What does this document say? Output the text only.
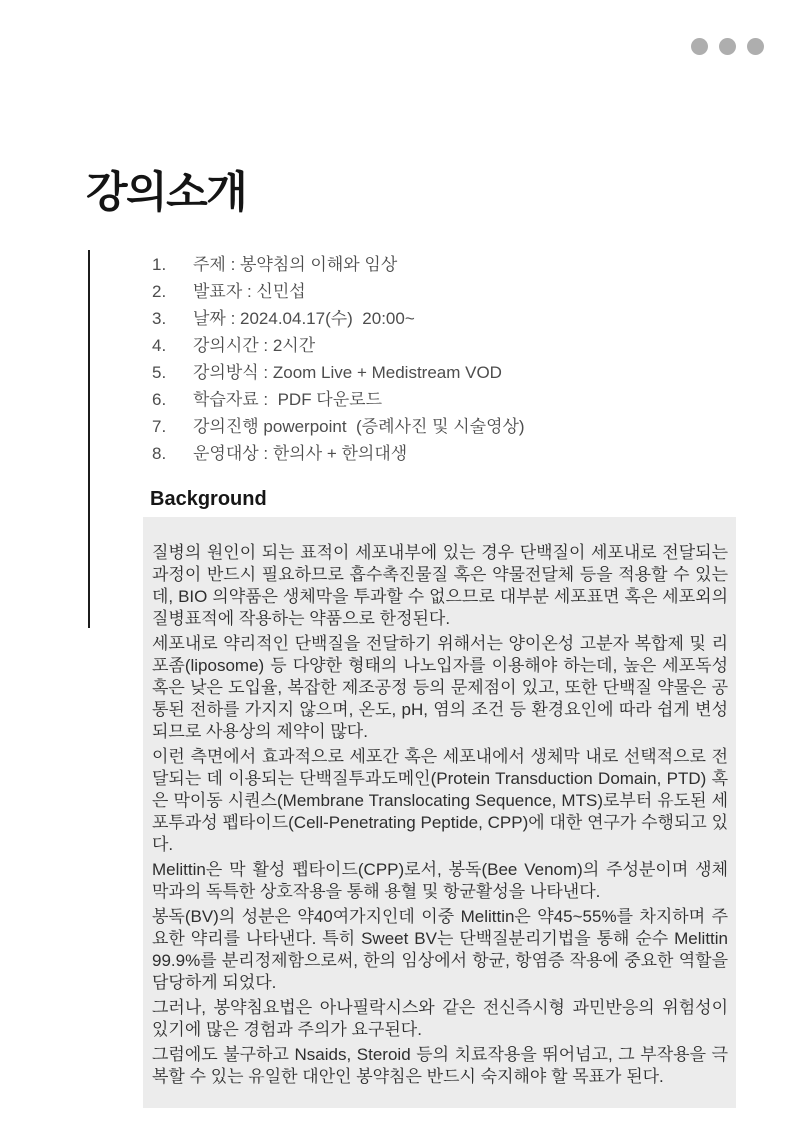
강의소개
1.	주제 : 봉약침의 이해와 임상
2.	발표자 : 신민섭
3.	날짜 : 2024.04.17(수)  20:00~
4.	강의시간 : 2시간
5.	강의방식 : Zoom Live + Medistream VOD
6.	학습자료 :  PDF 다운로드
7.	강의진행 powerpoint  (증례사진 및 시술영상)
8.	운영대상 : 한의사 + 한의대생
Background

질병의 원인이 되는 표적이 세포내부에 있는 경우 단백질이 세포내로 전달되는 과정이 반드시 필요하므로 흡수촉진물질 혹은 약물전달체 등을 적용할 수 있는데, BIO 의약품은 생체막을 투과할 수 없으므로 대부분 세포표면 혹은 세포외의 질병표적에 작용하는 약품으로 한정된다.

세포내로 약리적인 단백질을 전달하기 위해서는 양이온성 고분자 복합제 및 리포좀(liposome) 등 다양한 형태의 나노입자를 이용해야 하는데, 높은 세포독성 혹은 낮은 도입율, 복잡한 제조공정 등의 문제점이 있고, 또한 단백질 약물은 공통된 전하를 가지지 않으며, 온도, pH, 염의 조건 등 환경요인에 따라 쉽게 변성되므로 사용상의 제약이 많다.

이런 측면에서 효과적으로 세포간 혹은 세포내에서 생체막 내로 선택적으로 전달되는 데 이용되는 단백질투과도메인(Protein Transduction Domain, PTD) 혹은 막이동 시퀀스(Membrane Translocating Sequence, MTS)로부터 유도된 세포투과성 펩타이드(Cell-Penetrating Peptide, CPP)에 대한 연구가 수행되고 있다.

Melittin은 막 활성 펩타이드(CPP)로서, 봉독(Bee Venom)의 주성분이며 생체막과의 독특한 상호작용을 통해 용혈 및 항균활성을 나타낸다.

봉독(BV)의 성분은 약40여가지인데 이중 Melittin은 약45~55%를 차지하며 주요한 약리를 나타낸다. 특히 Sweet BV는 단백질분리기법을 통해 순수 Melittin 99.9%를 분리정제함으로써, 한의 임상에서 항균, 항염증 작용에 중요한 역할을 담당하게 되었다.

그러나, 봉약침요법은 아나필락시스와 같은 전신즉시형 과민반응의 위험성이 있기에 많은 경험과 주의가 요구된다.

그럼에도 불구하고 Nsaids, Steroid 등의 치료작용을 뛰어넘고, 그 부작용을 극복할 수 있는 유일한 대안인 봉약침은 반드시 숙지해야 할 목표가 된다.
